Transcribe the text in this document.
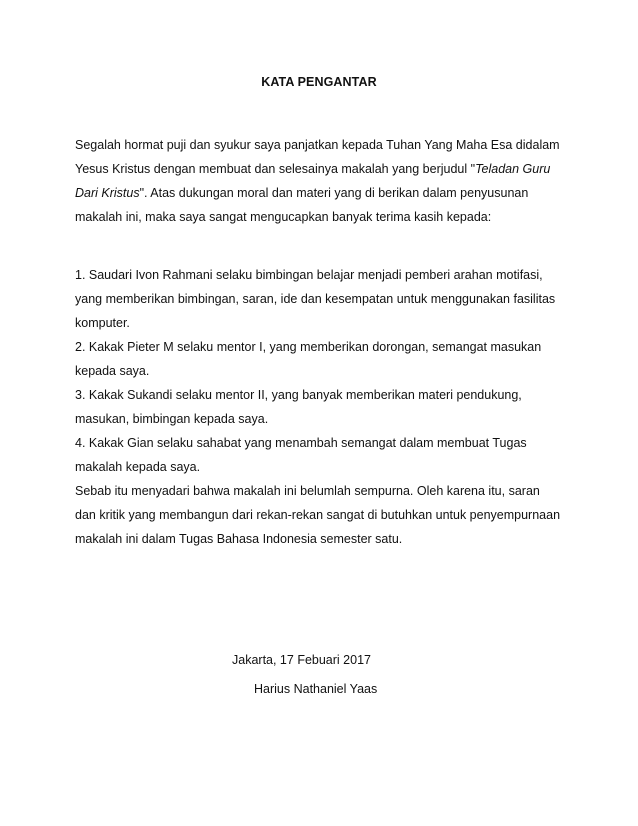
KATA PENGANTAR
Segalah hormat puji dan syukur saya panjatkan kepada Tuhan Yang Maha Esa didalam
Yesus Kristus dengan membuat dan selesainya makalah yang berjudul "Teladan Guru
Dari Kristus". Atas dukungan moral dan materi yang di berikan dalam penyusunan
makalah ini, maka saya sangat mengucapkan banyak terima kasih kepada:
1. Saudari Ivon Rahmani selaku bimbingan belajar menjadi pemberi arahan motifasi,
yang memberikan bimbingan, saran, ide dan kesempatan untuk menggunakan fasilitas
komputer.
2. Kakak Pieter M selaku mentor I, yang memberikan dorongan, semangat masukan
kepada saya.
3. Kakak Sukandi selaku mentor II, yang banyak memberikan materi pendukung,
masukan, bimbingan kepada saya.
4. Kakak Gian selaku sahabat yang menambah semangat dalam membuat Tugas
makalah kepada saya.
Sebab itu menyadari bahwa makalah ini belumlah sempurna. Oleh karena itu, saran
dan kritik yang membangun dari rekan-rekan sangat di butuhkan untuk penyempurnaan
makalah ini dalam Tugas Bahasa Indonesia semester satu.
Jakarta, 17 Febuari 2017
Harius Nathaniel Yaas
